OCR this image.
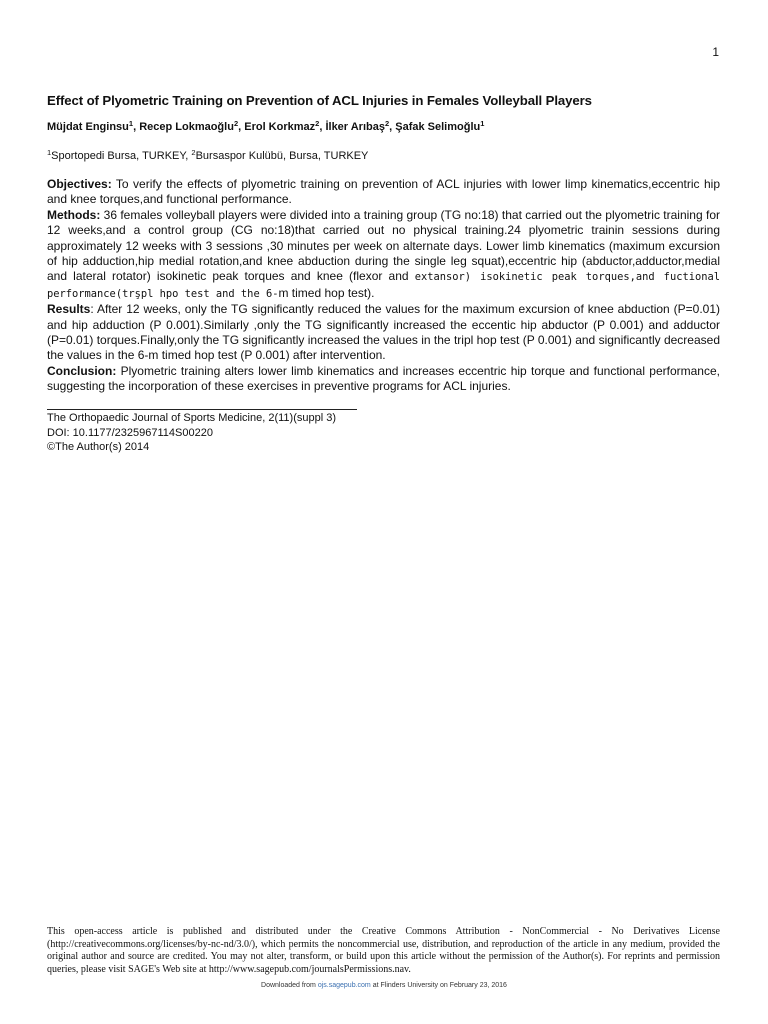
1
Effect of Plyometric Training on Prevention of ACL Injuries in Females Volleyball Players
Müjdat Enginsu$^1$, Recep Lokmaoğlu$^2$, Erol Korkmaz$^2$, İlker Arıbaş$^2$, Şafak Selimoğlu$^1$
$^1$Sportopedi Bursa, TURKEY, $^2$Bursaspor Kulübü, Bursa, TURKEY

Objectives: To verify the effects of plyometric training on prevention of ACL injuries with lower limp kinematics,eccentric hip and knee torques,and functional performance.

Methods: 36 females volleyball players were divided into a training group (TG no:18) that carried out the plyometric training for 12 weeks,and a control group (CG no:18)that carried out no physical training.24 plyometric trainin sessions during approximately 12 weeks with 3 sessions ,30 minutes per week on alternate days. Lower limb kinematics (maximum excursion of hip adduction,hip medial rotation,and knee abduction during the single leg squat),eccentric hip (abductor,adductor,medial and lateral rotator) isokinetic peak torques and knee (flexor and extansor) isokinetic peak torques,and fuctional performance(trşpl hpo test and the 6-m timed hop test).

Results: After 12 weeks, only the TG significantly reduced the values for the maximum excursion of knee abduction (P=0.01) and hip adduction (P 0.001).Similarly ,only the TG significantly increased the eccentic hip abductor (P 0.001) and adductor (P=0.01) torques.Finally,only the TG significantly increased the values in the tripl hop test (P 0.001) and significantly decreased the values in the 6-m timed hop test (P 0.001) after intervention.

Conclusion: Plyometric training alters lower limb kinematics and increases eccentric hip torque and functional performance, suggesting the incorporation of these exercises in preventive programs for ACL injuries.

The Orthopaedic Journal of Sports Medicine, 2(11)(suppl 3)
DOI: 10.1177/2325967114S00220
©The Author(s) 2014
This open-access article is published and distributed under the Creative Commons Attribution - NonCommercial - No Derivatives License (http://creativecommons.org/licenses/by-nc-nd/3.0/), which permits the noncommercial use, distribution, and reproduction of the article in any medium, provided the original author and source are credited. You may not alter, transform, or build upon this article without the permission of the Author(s). For reprints and permission queries, please visit SAGE's Web site at http://www.sagepub.com/journalsPermissions.nav.
Downloaded from ojs.sagepub.com at Flinders University on February 23, 2016
